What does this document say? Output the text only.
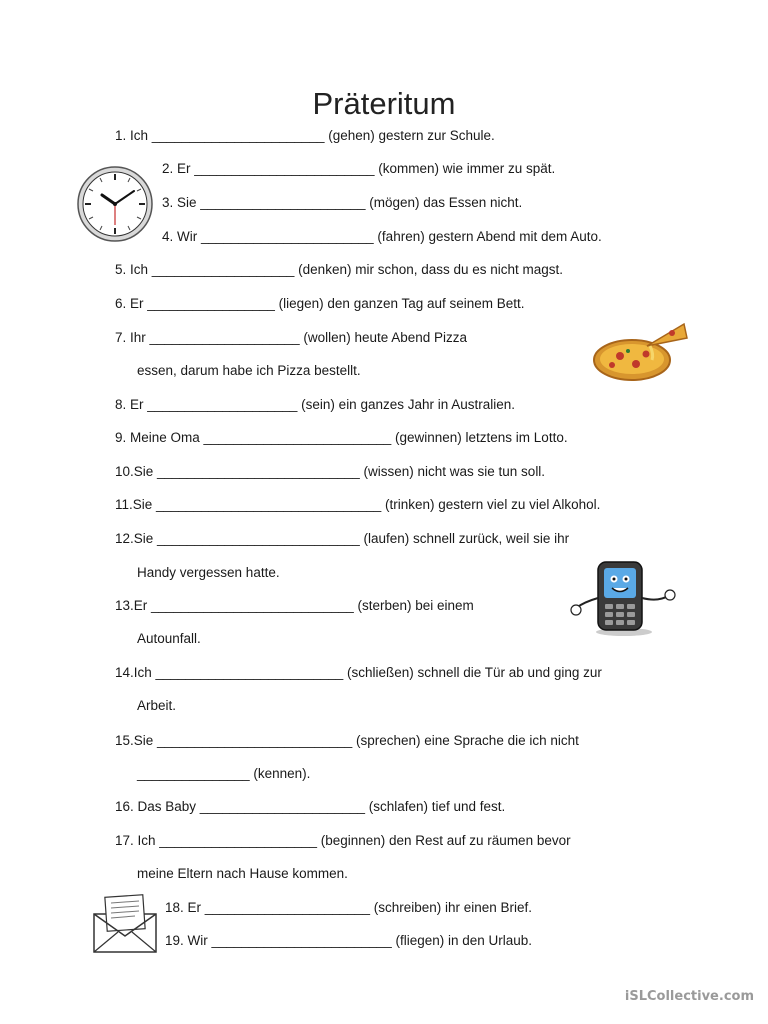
Präteritum
1. Ich _______________________ (gehen) gestern zur Schule.
2. Er ________________________ (kommen) wie immer zu spät.
3. Sie ______________________ (mögen) das Essen nicht.
4. Wir _______________________ (fahren) gestern Abend mit dem Auto.
5. Ich ___________________ (denken) mir schon, dass du es nicht magst.
6. Er _________________ (liegen) den ganzen Tag auf seinem Bett.
7. Ihr ____________________ (wollen) heute Abend Pizza
essen, darum habe ich Pizza bestellt.
8. Er ____________________ (sein) ein ganzes Jahr in Australien.
9. Meine Oma _________________________ (gewinnen) letztens im Lotto.
10.Sie ___________________________ (wissen) nicht was sie tun soll.
11.Sie ______________________________ (trinken) gestern viel zu viel Alkohol.
12.Sie ___________________________ (laufen) schnell zurück, weil sie ihr
Handy vergessen hatte.
13.Er ___________________________ (sterben) bei einem
Autounfall.
14.Ich _________________________ (schließen) schnell die Tür ab und ging zur
Arbeit.
15.Sie __________________________ (sprechen) eine Sprache die ich nicht
_______________ (kennen).
16. Das Baby ______________________ (schlafen) tief und fest.
17. Ich _____________________ (beginnen) den Rest auf zu räumen bevor
meine Eltern nach Hause kommen.
18. Er ______________________ (schreiben) ihr einen Brief.
19. Wir ________________________ (fliegen) in den Urlaub.
iSLCollective.com
